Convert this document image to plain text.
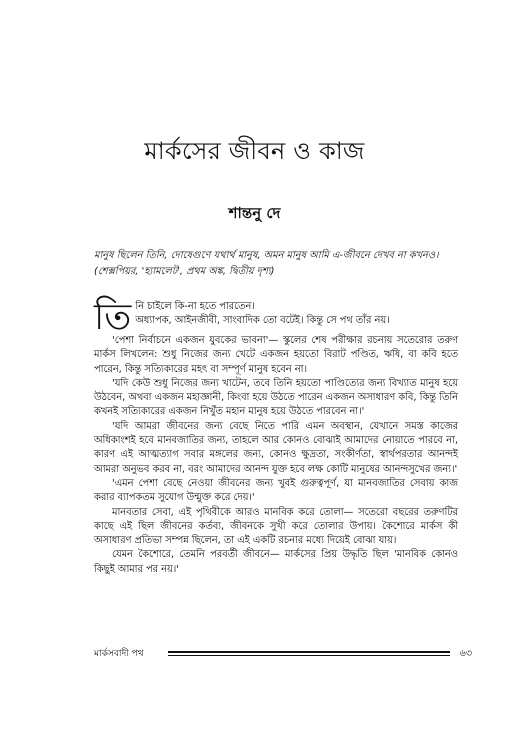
মার্কসের জীবন ও কাজ
শান্তনু দে
মানুষ ছিলেন তিনি, দোষেগুণে যথার্থ মানুষ, অমন মানুষ আমি এ-জীবনে দেখব না কখনও। (শেক্সপিয়র, 'হ্যামলেট', প্রথম অঙ্ক, দ্বিতীয় দৃশ্য)
তি নি চাইলে কি-না হতে পারতেন।

অধ্যাপক, আইনজীবী, সাংবাদিক তো বটেই। কিন্তু সে পথ তাঁর নয়।

'পেশা নির্বাচনে একজন যুবকের ভাবনা'— স্কুলের শেষ পরীক্ষার রচনায় সতেরোর তরুণ মার্কস লিখলেন: শুধু নিজের জন্য খেটে একজন হয়তো বিরাট পণ্ডিত, ঋষি, বা কবি হতে পারেন, কিন্তু সত্যিকারের মহৎ বা সম্পূর্ণ মানুষ হবেন না।

'যদি কেউ শুধু নিজের জন্য খাটেন, তবে তিনি হয়তো পাণ্ডিত্যের জন্য বিখ্যাত মানুষ হয়ে উঠবেন, অথবা একজন মহাজ্ঞানী, কিংবা হয়ে উঠতে পারেন একজন অসাধারণ কবি, কিন্তু তিনি কখনই সত্যিকারের একজন নিখুঁত মহান মানুষ হয়ে উঠতে পারবেন না।'

'যদি আমরা জীবনের জন্য বেছে নিতে পারি এমন অবস্থান, যেখানে সমস্ত কাজের অধিকাংশই হবে মানবজাতির জন্য, তাহলে আর কোনও বোঝাই আমাদের নোয়াতে পারবে না, কারণ এই আত্মত্যাগ সবার মঙ্গলের জন্য, কোনও ক্ষুদ্রতা, সংকীর্ণতা, স্বার্থপরতার আনন্দই আমরা অনুভব করব না, বরং আমাদের আনন্দ যুক্ত হবে লক্ষ কোটি মানুষের আনন্দসুখের জন্য।'

'এমন পেশা বেছে নেওয়া জীবনের জন্য খুবই গুরুত্বপূর্ণ, যা মানবজাতির সেবায় কাজ করার ব্যাপকতম সুযোগ উন্মুক্ত করে দেয়।'

মানবতার সেবা, এই পৃথিবীকে আরও মানবিক করে তোলা— সতেরো বছরের তরুণটির কাছে এই ছিল জীবনের কর্তব্য, জীবনকে সুখী করে তোলার উপায়। কৈশোরে মার্কস কী অসাধারণ প্রতিভা সম্পন্ন ছিলেন, তা এই একটি রচনার মধ্যে দিয়েই বোঝা যায়।

যেমন কৈশোরে, তেমনি পরবর্তী জীবনে— মার্কসের প্রিয় উদ্ধৃতি ছিল 'মানবিক কোনও কিছুই আমার পর নয়।'

মার্কসবাদী পথ	৬৩
